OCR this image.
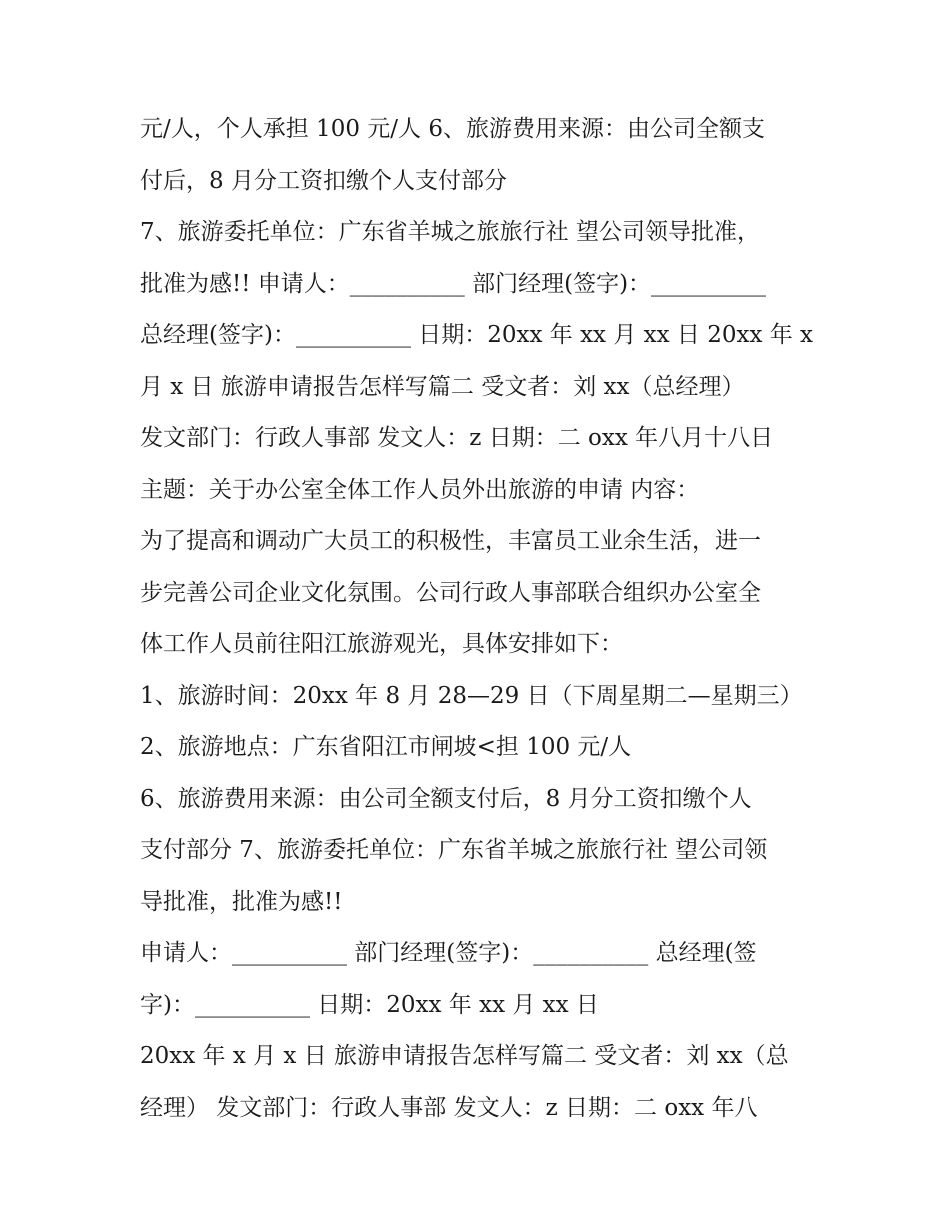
元/人，个人承担 100 元/人 6、旅游费用来源：由公司全额支
付后，8 月分工资扣缴个人支付部分
7、旅游委托单位：广东省羊城之旅旅行社 望公司领导批准，
批准为感!! 申请人：__________ 部门经理(签字)：__________
总经理(签字)：__________ 日期：20xx 年 xx 月 xx 日 20xx 年 x
月 x 日 旅游申请报告怎样写篇二 受文者：刘 xx（总经理）
发文部门：行政人事部 发文人：z 日期：二 oxx 年八月十八日
主题：关于办公室全体工作人员外出旅游的申请 内容：
为了提高和调动广大员工的积极性，丰富员工业余生活，进一
步完善公司企业文化氛围。公司行政人事部联合组织办公室全
体工作人员前往阳江旅游观光，具体安排如下：
1、旅游时间：20xx 年 8 月 28—29 日（下周星期二—星期三）
2、旅游地点：广东省阳江市闸坡<担 100 元/人
6、旅游费用来源：由公司全额支付后，8 月分工资扣缴个人
支付部分 7、旅游委托单位：广东省羊城之旅旅行社 望公司领
导批准，批准为感!!
申请人：__________ 部门经理(签字)：__________ 总经理(签
字)：__________ 日期：20xx 年 xx 月 xx 日
20xx 年 x 月 x 日 旅游申请报告怎样写篇二 受文者：刘 xx（总
经理） 发文部门：行政人事部 发文人：z 日期：二 oxx 年八
